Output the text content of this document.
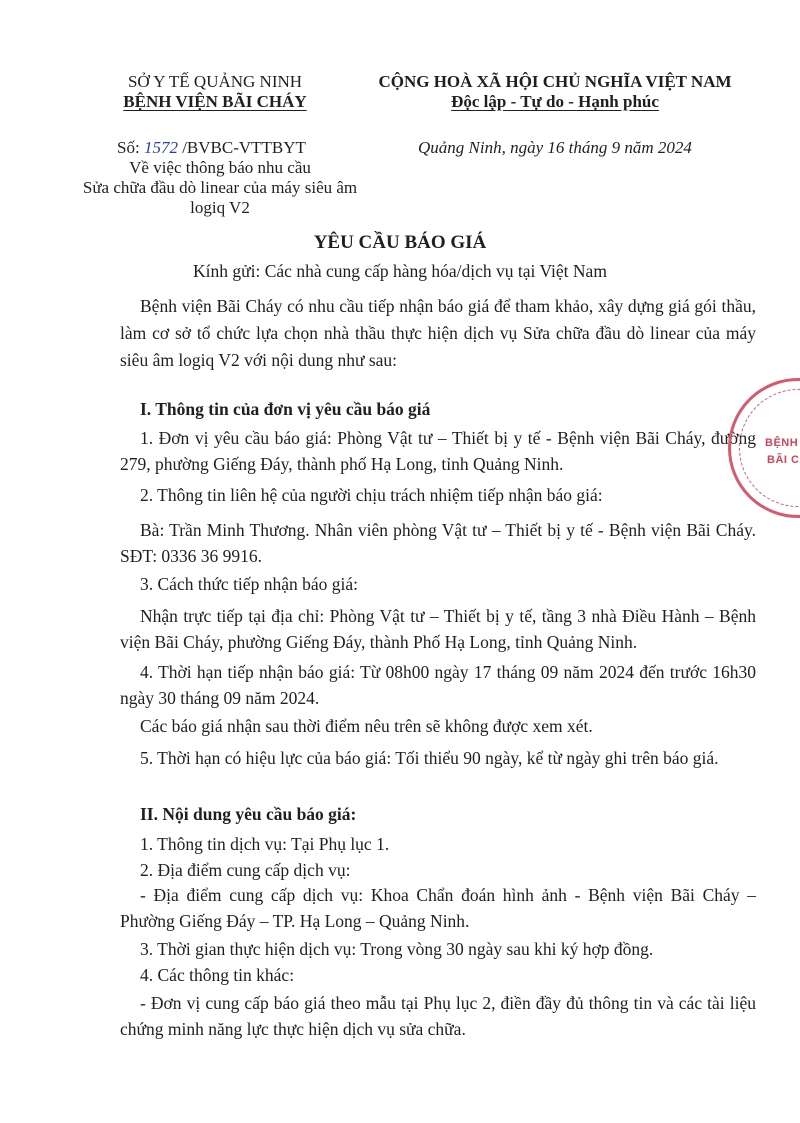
SỞ Y TẾ QUẢNG NINH
BỆNH VIỆN BÃI CHÁY
CỘNG HOÀ XÃ HỘI CHỦ NGHĨA VIỆT NAM
Độc lập - Tự do - Hạnh phúc
Số: 1572 /BVBC-VTTBYT
Về việc thông báo nhu cầu
Sửa chữa đầu dò linear của máy siêu âm
logiq V2
Quảng Ninh, ngày 16 tháng 9 năm 2024
YÊU CẦU BÁO GIÁ
Kính gửi: Các nhà cung cấp hàng hóa/dịch vụ tại Việt Nam
Bệnh viện Bãi Cháy có nhu cầu tiếp nhận báo giá để tham khảo, xây dựng giá gói thầu, làm cơ sở tổ chức lựa chọn nhà thầu thực hiện dịch vụ Sửa chữa đầu dò linear của máy siêu âm logiq V2 với nội dung như sau:
I. Thông tin của đơn vị yêu cầu báo giá
1. Đơn vị yêu cầu báo giá: Phòng Vật tư – Thiết bị y tế - Bệnh viện Bãi Cháy, đường 279, phường Giếng Đáy, thành phố Hạ Long, tỉnh Quảng Ninh.
2. Thông tin liên hệ của người chịu trách nhiệm tiếp nhận báo giá:
Bà: Trần Minh Thương. Nhân viên phòng Vật tư – Thiết bị y tế - Bệnh viện Bãi Cháy. SĐT: 0336 36 9916.
3. Cách thức tiếp nhận báo giá:
Nhận trực tiếp tại địa chỉ: Phòng Vật tư – Thiết bị y tế, tầng 3 nhà Điều Hành – Bệnh viện Bãi Cháy, phường Giếng Đáy, thành Phố Hạ Long, tỉnh Quảng Ninh.
4. Thời hạn tiếp nhận báo giá: Từ 08h00 ngày 17 tháng 09 năm 2024 đến trước 16h30 ngày 30 tháng 09 năm 2024.
Các báo giá nhận sau thời điểm nêu trên sẽ không được xem xét.
5. Thời hạn có hiệu lực của báo giá: Tối thiểu 90 ngày, kể từ ngày ghi trên báo giá.
II. Nội dung yêu cầu báo giá:
1. Thông tin dịch vụ: Tại Phụ lục 1.
2. Địa điểm cung cấp dịch vụ:
- Địa điểm cung cấp dịch vụ: Khoa Chẩn đoán hình ảnh - Bệnh viện Bãi Cháy – Phường Giếng Đáy – TP. Hạ Long – Quảng Ninh.
3. Thời gian thực hiện dịch vụ: Trong vòng 30 ngày sau khi ký hợp đồng.
4. Các thông tin khác:
- Đơn vị cung cấp báo giá theo mẫu tại Phụ lục 2, điền đầy đủ thông tin và các tài liệu chứng minh năng lực thực hiện dịch vụ sửa chữa.
BỆNH
BÃI C
